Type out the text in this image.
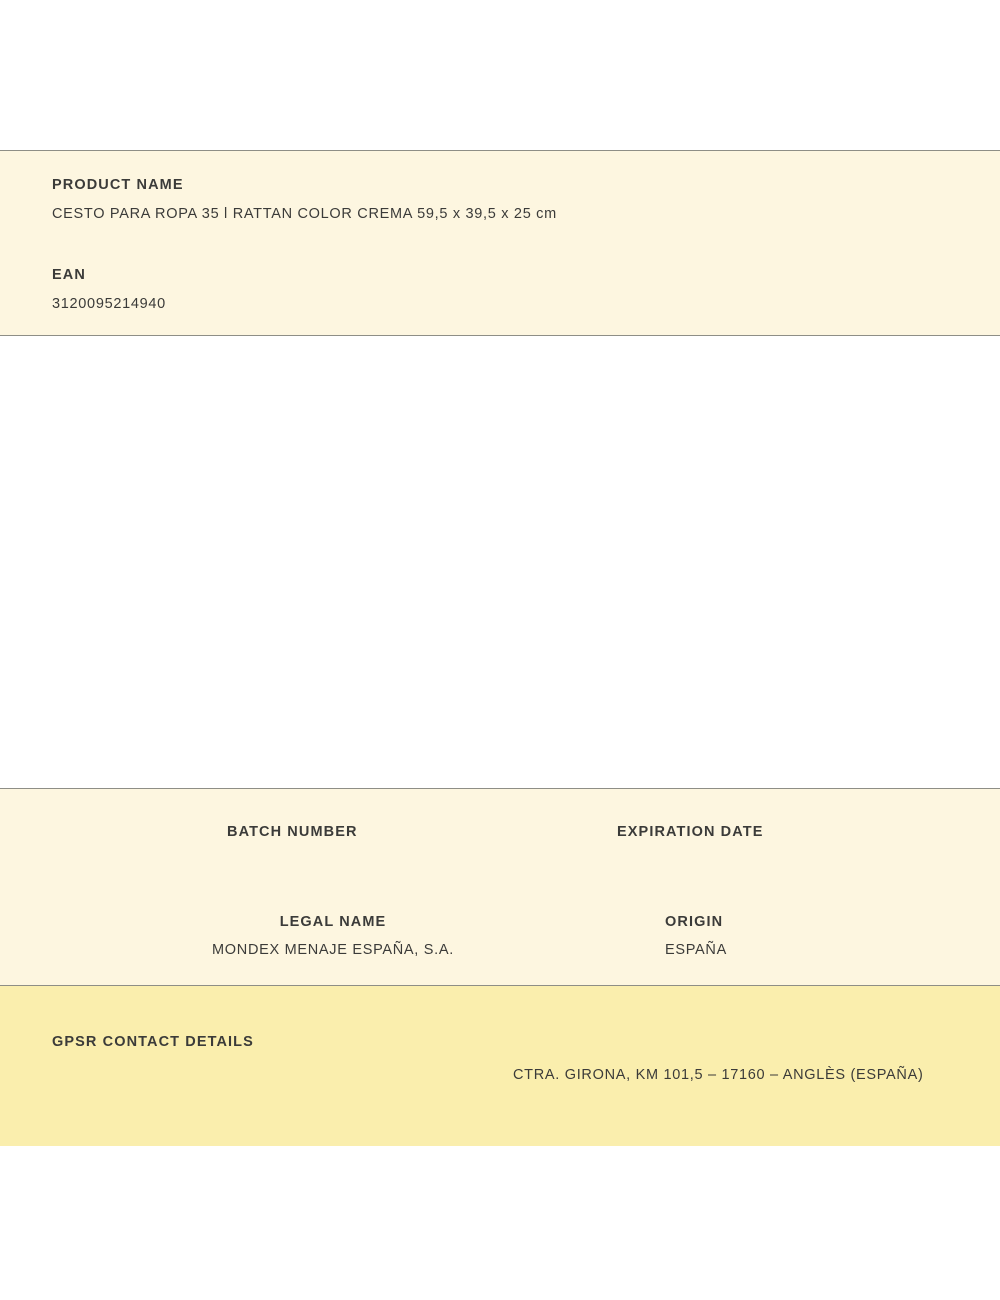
PRODUCT NAME
CESTO PARA ROPA 35 l RATTAN COLOR CREMA 59,5 x 39,5 x 25 cm
EAN
3120095214940
BATCH NUMBER	EXPIRATION DATE
LEGAL NAME
MONDEX MENAJE ESPAÑA, S.A.
ORIGIN
ESPAÑA
GPSR CONTACT DETAILS
CTRA. GIRONA, KM 101,5 – 17160 – ANGLÈS (ESPAÑA)
